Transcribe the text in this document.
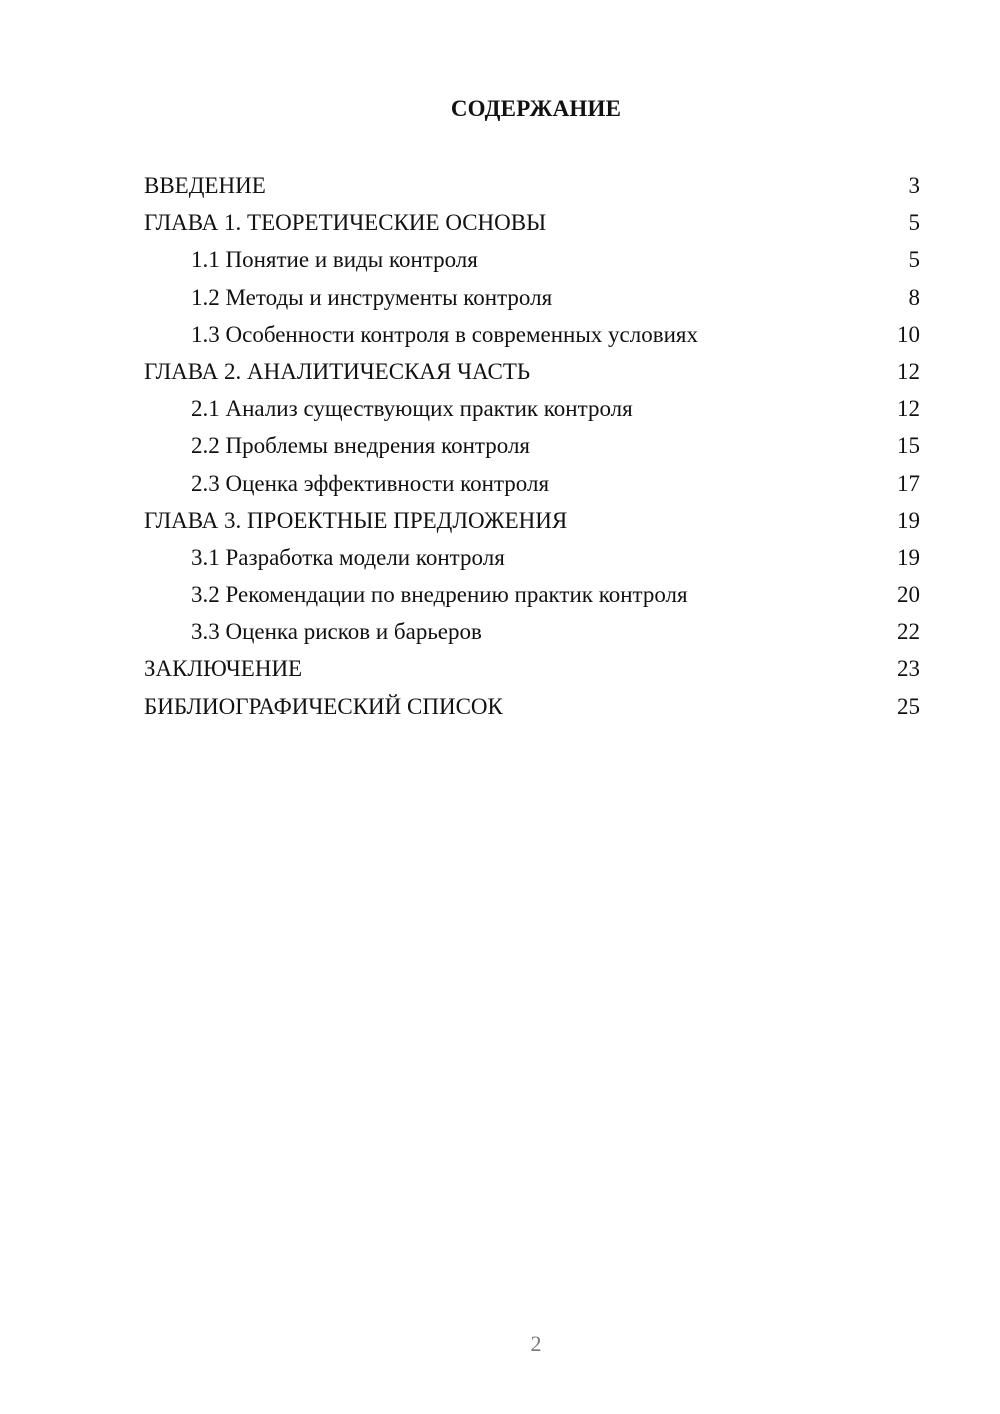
СОДЕРЖАНИЕ
ВВЕДЕНИЕ	3
ГЛАВА 1. ТЕОРЕТИЧЕСКИЕ ОСНОВЫ	5
1.1 Понятие и виды контроля	5
1.2 Методы и инструменты контроля	8
1.3 Особенности контроля в современных условиях	10
ГЛАВА 2. АНАЛИТИЧЕСКАЯ ЧАСТЬ	12
2.1 Анализ существующих практик контроля	12
2.2 Проблемы внедрения контроля	15
2.3 Оценка эффективности контроля	17
ГЛАВА 3. ПРОЕКТНЫЕ ПРЕДЛОЖЕНИЯ	19
3.1 Разработка модели контроля	19
3.2 Рекомендации по внедрению практик контроля	20
3.3 Оценка рисков и барьеров	22
ЗАКЛЮЧЕНИЕ	23
БИБЛИОГРАФИЧЕСКИЙ СПИСОК	25
2
